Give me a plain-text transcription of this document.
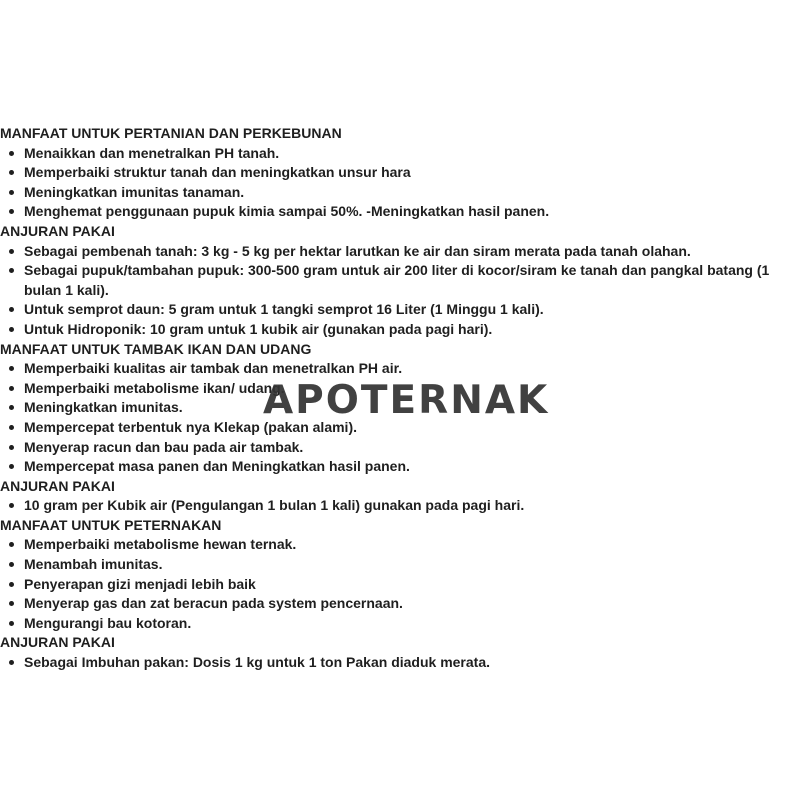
MANFAAT UNTUK PERTANIAN DAN PERKEBUNAN
Menaikkan dan menetralkan PH tanah.
Memperbaiki struktur tanah dan meningkatkan unsur hara
Meningkatkan imunitas tanaman.
Menghemat penggunaan pupuk kimia sampai 50%. -Meningkatkan hasil panen.
ANJURAN PAKAI
Sebagai pembenah tanah: 3 kg - 5 kg per hektar larutkan ke air dan siram merata pada tanah olahan.
Sebagai pupuk/tambahan pupuk: 300-500 gram untuk air 200 liter di kocor/siram ke tanah dan pangkal batang (1 bulan 1 kali).
Untuk semprot daun: 5 gram untuk 1 tangki semprot 16 Liter (1 Minggu 1 kali).
Untuk Hidroponik: 10 gram untuk 1 kubik air (gunakan pada pagi hari).
MANFAAT UNTUK TAMBAK IKAN DAN UDANG
Memperbaiki kualitas air tambak dan menetralkan PH air.
Memperbaiki metabolisme ikan/ udang.
Meningkatkan imunitas.
Mempercepat terbentuk nya Klekap (pakan alami).
Menyerap racun dan bau pada air tambak.
Mempercepat masa panen dan Meningkatkan hasil panen.
ANJURAN PAKAI
10 gram per Kubik air (Pengulangan 1 bulan 1 kali) gunakan pada pagi hari.
MANFAAT UNTUK PETERNAKAN
Memperbaiki metabolisme hewan ternak.
Menambah imunitas.
Penyerapan gizi menjadi lebih baik
Menyerap gas dan zat beracun pada system pencernaan.
Mengurangi bau kotoran.
ANJURAN PAKAI
Sebagai Imbuhan pakan: Dosis 1 kg untuk 1 ton Pakan diaduk merata.
APOTERNAK
